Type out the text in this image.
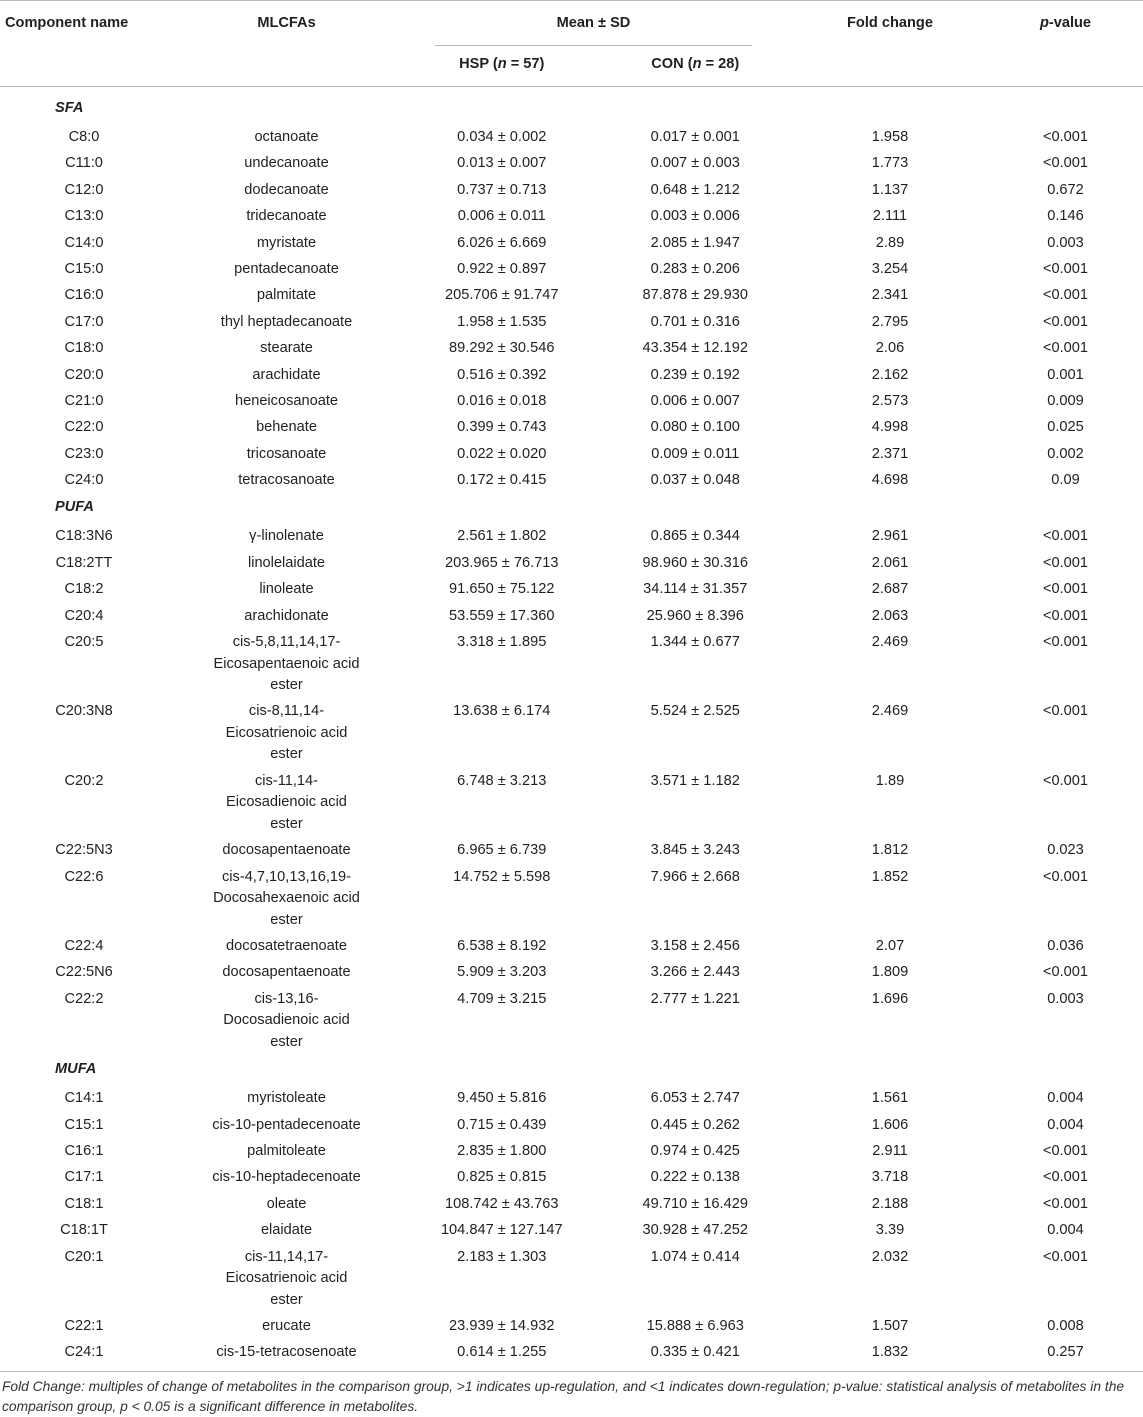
Component name	MLCFAs	Mean ± SD		Fold change	p-value
		HSP (n = 57)	CON (n = 28)		
SFA					
C8:0	octanoate	0.034 ± 0.002	0.017 ± 0.001	1.958	<0.001
C11:0	undecanoate	0.013 ± 0.007	0.007 ± 0.003	1.773	<0.001
C12:0	dodecanoate	0.737 ± 0.713	0.648 ± 1.212	1.137	0.672
C13:0	tridecanoate	0.006 ± 0.011	0.003 ± 0.006	2.111	0.146
C14:0	myristate	6.026 ± 6.669	2.085 ± 1.947	2.89	0.003
C15:0	pentadecanoate	0.922 ± 0.897	0.283 ± 0.206	3.254	<0.001
C16:0	palmitate	205.706 ± 91.747	87.878 ± 29.930	2.341	<0.001
C17:0	thyl heptadecanoate	1.958 ± 1.535	0.701 ± 0.316	2.795	<0.001
C18:0	stearate	89.292 ± 30.546	43.354 ± 12.192	2.06	<0.001
C20:0	arachidate	0.516 ± 0.392	0.239 ± 0.192	2.162	0.001
C21:0	heneicosanoate	0.016 ± 0.018	0.006 ± 0.007	2.573	0.009
C22:0	behenate	0.399 ± 0.743	0.080 ± 0.100	4.998	0.025
C23:0	tricosanoate	0.022 ± 0.020	0.009 ± 0.011	2.371	0.002
C24:0	tetracosanoate	0.172 ± 0.415	0.037 ± 0.048	4.698	0.09
PUFA					
C18:3N6	γ-linolenate	2.561 ± 1.802	0.865 ± 0.344	2.961	<0.001
C18:2TT	linolelaidate	203.965 ± 76.713	98.960 ± 30.316	2.061	<0.001
C18:2	linoleate	91.650 ± 75.122	34.114 ± 31.357	2.687	<0.001
C20:4	arachidonate	53.559 ± 17.360	25.960 ± 8.396	2.063	<0.001
C20:5	cis-5,8,11,14,17-
Eicosapentaenoic acid
ester	3.318 ± 1.895	1.344 ± 0.677	2.469	<0.001
C20:3N8	cis-8,11,14-
Eicosatrienoic acid
ester	13.638 ± 6.174	5.524 ± 2.525	2.469	<0.001
C20:2	cis-11,14-
Eicosadienoic acid
ester	6.748 ± 3.213	3.571 ± 1.182	1.89	<0.001
C22:5N3	docosapentaenoate	6.965 ± 6.739	3.845 ± 3.243	1.812	0.023
C22:6	cis-4,7,10,13,16,19-
Docosahexaenoic acid
ester	14.752 ± 5.598	7.966 ± 2.668	1.852	<0.001
C22:4	docosatetraenoate	6.538 ± 8.192	3.158 ± 2.456	2.07	0.036
C22:5N6	docosapentaenoate	5.909 ± 3.203	3.266 ± 2.443	1.809	<0.001
C22:2	cis-13,16-
Docosadienoic acid
ester	4.709 ± 3.215	2.777 ± 1.221	1.696	0.003
MUFA					
C14:1	myristoleate	9.450 ± 5.816	6.053 ± 2.747	1.561	0.004
C15:1	cis-10-pentadecenoate	0.715 ± 0.439	0.445 ± 0.262	1.606	0.004
C16:1	palmitoleate	2.835 ± 1.800	0.974 ± 0.425	2.911	<0.001
C17:1	cis-10-heptadecenoate	0.825 ± 0.815	0.222 ± 0.138	3.718	<0.001
C18:1	oleate	108.742 ± 43.763	49.710 ± 16.429	2.188	<0.001
C18:1T	elaidate	104.847 ± 127.147	30.928 ± 47.252	3.39	0.004
C20:1	cis-11,14,17-
Eicosatrienoic acid
ester	2.183 ± 1.303	1.074 ± 0.414	2.032	<0.001
C22:1	erucate	23.939 ± 14.932	15.888 ± 6.963	1.507	0.008
C24:1	cis-15-tetracosenoate	0.614 ± 1.255	0.335 ± 0.421	1.832	0.257
Fold Change: multiples of change of metabolites in the comparison group, >1 indicates up-regulation, and <1 indicates down-regulation; p-value: statistical analysis of metabolites in the comparison group, p < 0.05 is a significant difference in metabolites.
